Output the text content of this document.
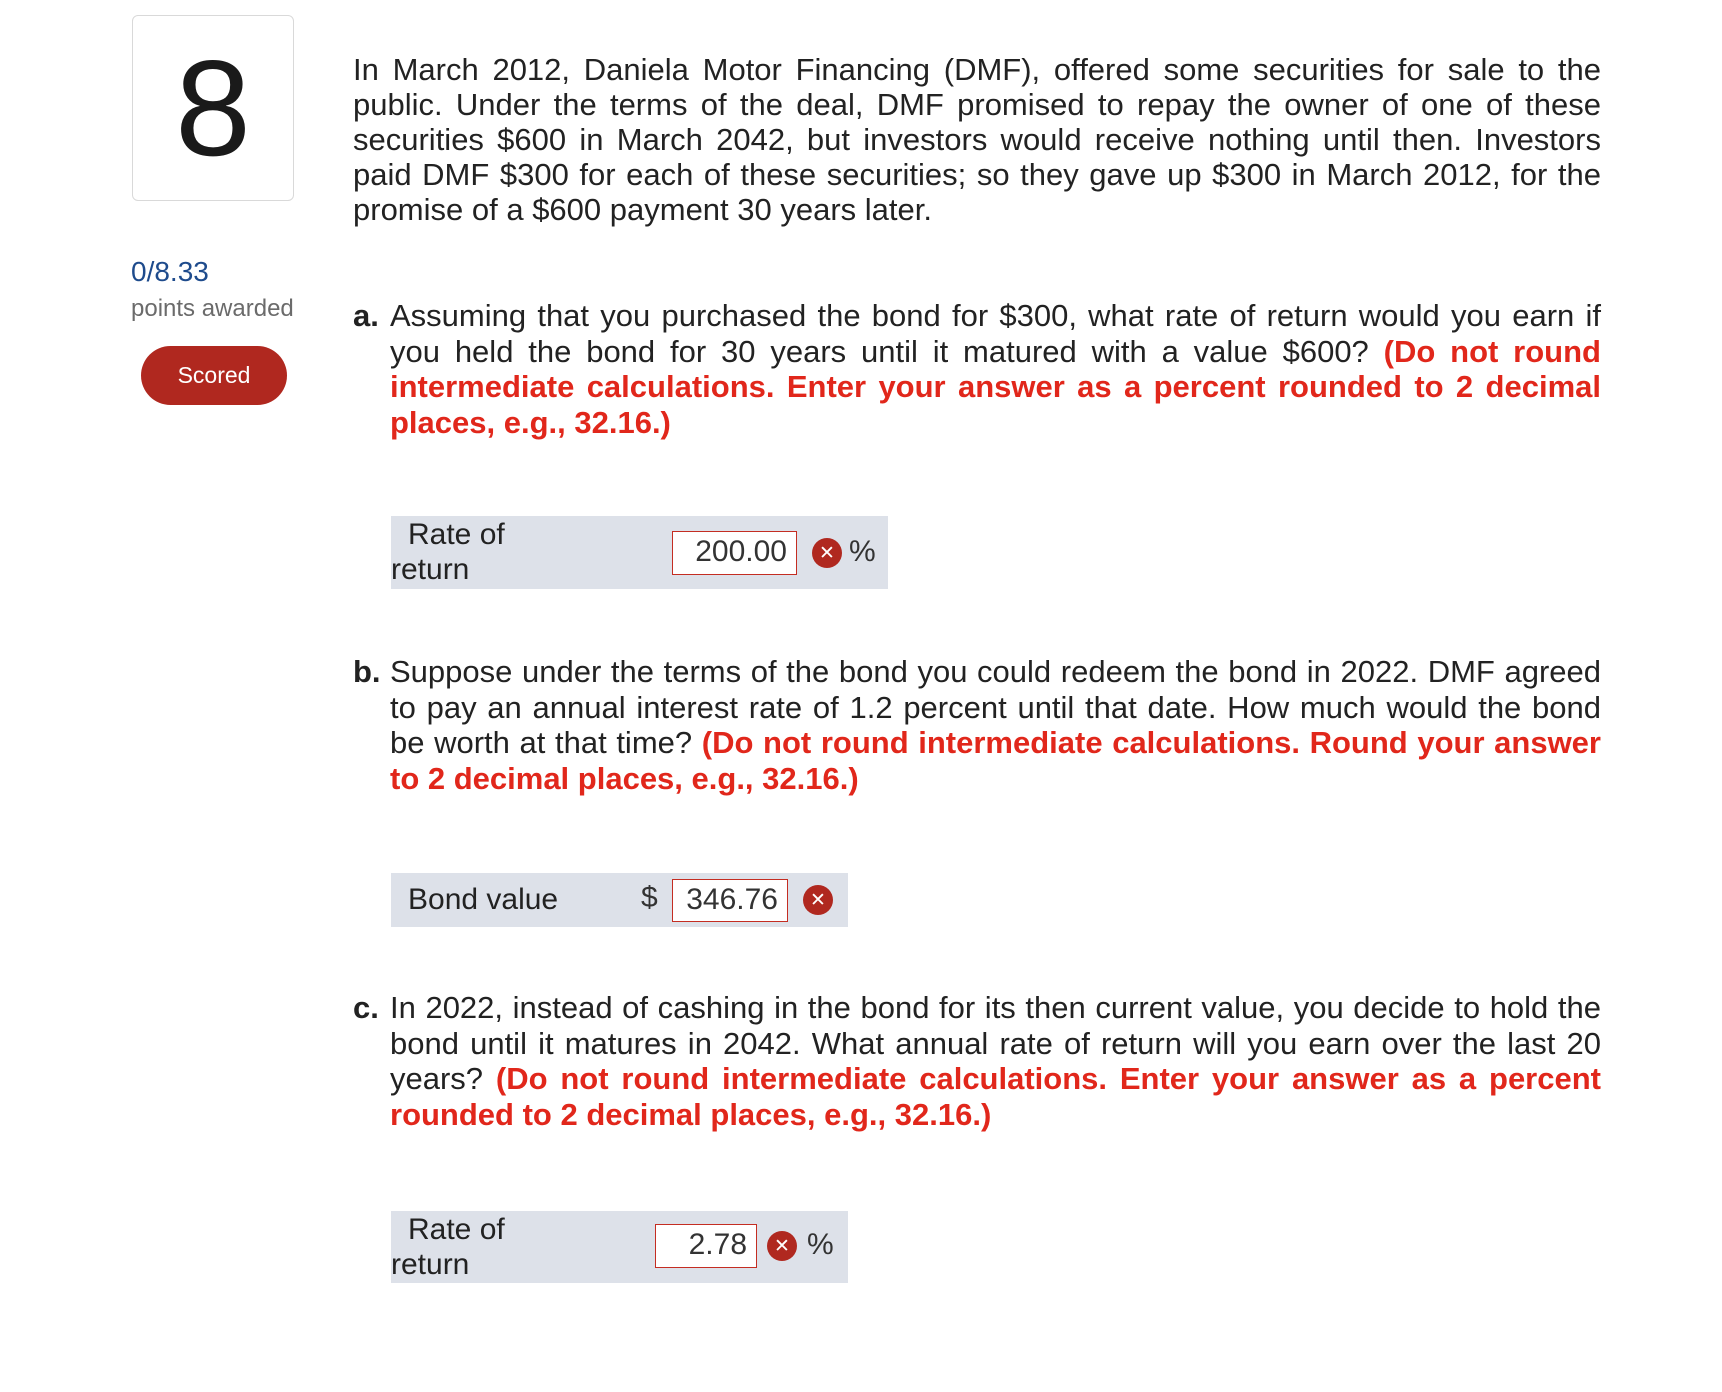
8
0/8.33
points awarded
Scored
In March 2012, Daniela Motor Financing (DMF), offered some securities for sale to the public. Under the terms of the deal, DMF promised to repay the owner of one of these securities $600 in March 2042, but investors would receive nothing until then. Investors paid DMF $300 for each of these securities; so they gave up $300 in March 2012, for the promise of a $600 payment 30 years later.
a. Assuming that you purchased the bond for $300, what rate of return would you earn if you held the bond for 30 years until it matured with a value $600? (Do not round intermediate calculations. Enter your answer as a percent rounded to 2 decimal places, e.g., 32.16.)
Rate of
return
200.00	✕ %
b. Suppose under the terms of the bond you could redeem the bond in 2022. DMF agreed to pay an annual interest rate of 1.2 percent until that date. How much would the bond be worth at that time? (Do not round intermediate calculations. Round your answer to 2 decimal places, e.g., 32.16.)
Bond value	$ 346.76	✕
c. In 2022, instead of cashing in the bond for its then current value, you decide to hold the bond until it matures in 2042. What annual rate of return will you earn over the last 20 years? (Do not round intermediate calculations. Enter your answer as a percent rounded to 2 decimal places, e.g., 32.16.)
Rate of
return
2.78	✕ %
